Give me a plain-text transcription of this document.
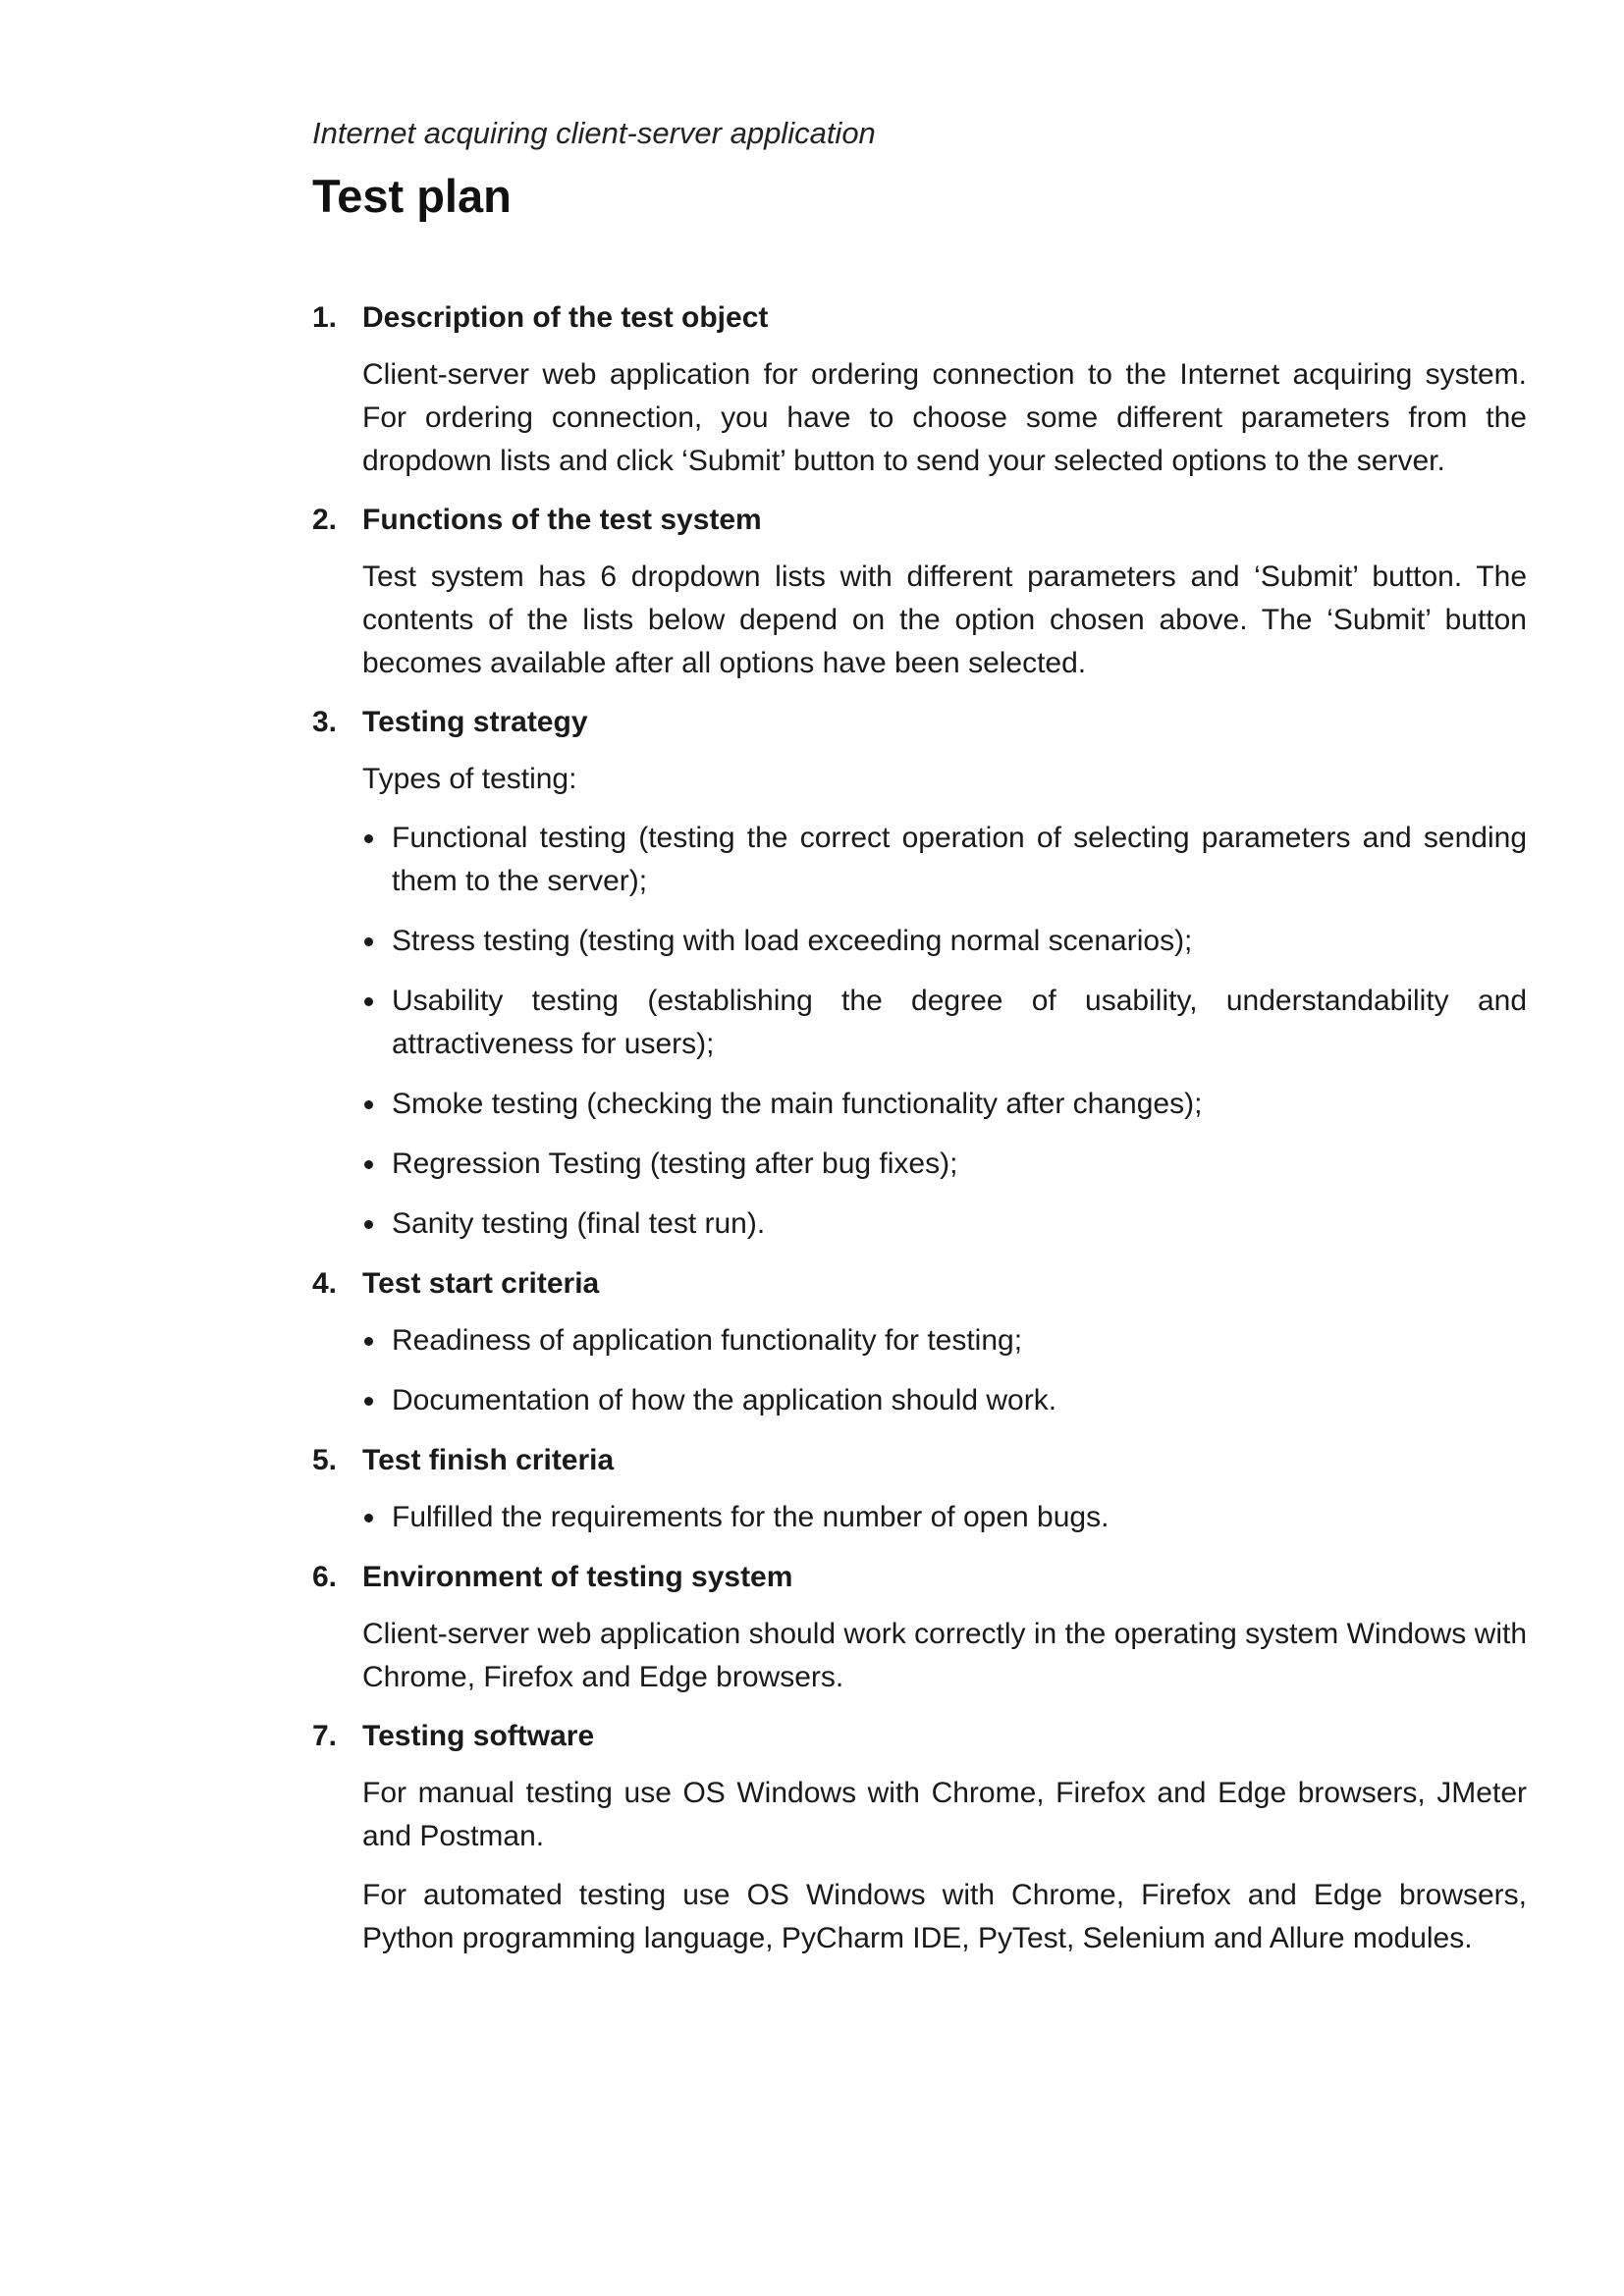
Internet acquiring client-server application

Test plan
1. Description of the test object

Client-server web application for ordering connection to the Internet acquiring system. For ordering connection, you have to choose some different parameters from the dropdown lists and click ‘Submit’ button to send your selected options to the server.

2. Functions of the test system

Test system has 6 dropdown lists with different parameters and ‘Submit’ button. The contents of the lists below depend on the option chosen above. The ‘Submit’ button becomes available after all options have been selected.

3. Testing strategy

Types of testing:

Functional testing (testing the correct operation of selecting parameters and sending them to the server);
Stress testing (testing with load exceeding normal scenarios);
Usability testing (establishing the degree of usability, understandability and attractiveness for users);
Smoke testing (checking the main functionality after changes);
Regression Testing (testing after bug fixes);
Sanity testing (final test run).
4. Test start criteria
Readiness of application functionality for testing;
Documentation of how the application should work.
5. Test finish criteria
Fulfilled the requirements for the number of open bugs.
6. Environment of testing system

Client-server web application should work correctly in the operating system Windows with Chrome, Firefox and Edge browsers.

7. Testing software

For manual testing use OS Windows with Chrome, Firefox and Edge browsers, JMeter and Postman.

For automated testing use OS Windows with Chrome, Firefox and Edge browsers, Python programming language, PyCharm IDE, PyTest, Selenium and Allure modules.
